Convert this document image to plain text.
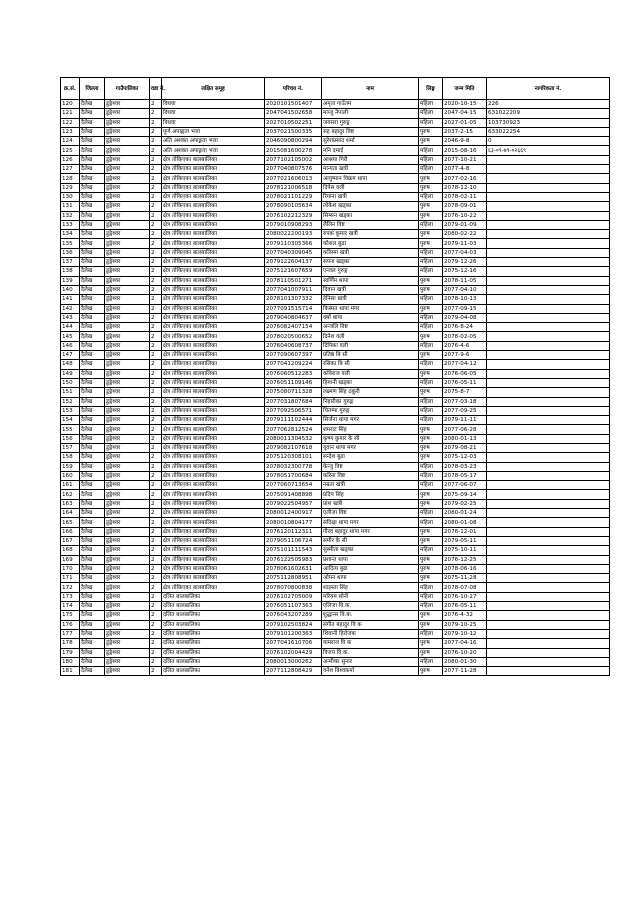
क्र.सं.	जिल्ला	गाउँपालिका	वडा नं.	लक्षित समूह	परिचय नं.	नाम	लिङ्ग	जन्म मिति	नागरिकता नं.
120	दैलेख	डुङ्गेश्वर	2	विधवा	2020101501407	अमृता गाउँतम	महिला	2020-10-15	226
121	दैलेख	डुङ्गेश्वर	2	विधवा	2047041502658	मञ्जु नेपाली	महिला	2047-04-15	631022209
122	दैलेख	डुङ्गेश्वर	2	विधवा	2027010502251	जयसरा गुरुङ्ग	महिला	2027-01-05	103730923
123	दैलेख	डुङ्गेश्वर	2	पूर्ण अपाङ्गता भत्ता	2037021500335	सह बहादुर विष्ट	पुरुष	2037-2-15	633022254
124	दैलेख	डुङ्गेश्वर	2	अति अशक्त अपाङ्गता भत्ता	2046090800294	सुरेशप्रसाद शर्मा	पुरुष	2046-9-8	0
125	दैलेख	डुङ्गेश्वर	2	अति अशक्त अपाङ्गता भत्ता	2015081600278	मनि दमाई	महिला	2015-08-16	६३-०९-७९-०२६६९
126	दैलेख	डुङ्गेश्वर	2	क्षेत्र तोकिएका बालबालिका	2077102105002	आश्रया गिरी	महिला	2077-10-21	
127	दैलेख	डुङ्गेश्वर	2	क्षेत्र तोकिएका बालबालिका	2077040807576	मान्यता खत्री	महिला	2077-4-8	
128	दैलेख	डुङ्गेश्वर	2	क्षेत्र तोकिएका बालबालिका	2077021606013	आयुष्मान विक्रम थापा	पुरुष	2077-02-16	
129	दैलेख	डुङ्गेश्वर	2	क्षेत्र तोकिएका बालबालिका	2078121006518	दिपेस वली	पुरुष	2078-12-10	
130	दैलेख	डुङ्गेश्वर	2	क्षेत्र तोकिएका बालबालिका	2078021101229	रियाना खत्री	महिला	2078-02-11	
131	दैलेख	डुङ्गेश्वर	2	क्षेत्र तोकिएका बालबालिका	2078090105634	लोकेश खड्का	पुरुष	2078-09-01	
132	दैलेख	डुङ्गेश्वर	2	क्षेत्र तोकिएका बालबालिका	2076102212329	सिम्सन खड्का	पुरुष	2076-10-22	
133	दैलेख	डुङ्गेश्वर	2	क्षेत्र तोकिएका बालबालिका	2079010908293	लैलिन विष्ट	महिला	2079-01-09	
134	दैलेख	डुङ्गेश्वर	2	क्षेत्र तोकिएका बालबालिका	2080022200193	रुपक कुमार खत्री	पुरुष	2080-02-22	
135	दैलेख	डुङ्गेश्वर	2	क्षेत्र तोकिएका बालबालिका	2079110305366	कौशल बुढा	पुरुष	2079-11-03	
136	दैलेख	डुङ्गेश्वर	2	क्षेत्र तोकिएका बालबालिका	2077040309045	करिस्मा खत्री	महिला	2077-04-03	
137	दैलेख	डुङ्गेश्वर	2	क्षेत्र तोकिएका बालबालिका	2079122604137	सपना खड्का	महिला	2079-12-26	
138	दैलेख	डुङ्गेश्वर	2	क्षेत्र तोकिएका बालबालिका	2075121607659	एन्जल गुरुङ्ग	महिला	2075-12-16	
139	दैलेख	डुङ्गेश्वर	2	क्षेत्र तोकिएका बालबालिका	2078110501271	स्वर्णिम थापा	पुरुष	2078-11-05	
140	दैलेख	डुङ्गेश्वर	2	क्षेत्र तोकिएका बालबालिका	2077041007911	दिवान खत्री	पुरुष	2077-04-10	
141	दैलेख	डुङ्गेश्वर	2	क्षेत्र तोकिएका बालबालिका	2078101307332	हेनिसा खत्री	महिला	2078-10-13	
142	दैलेख	डुङ्गेश्वर	2	क्षेत्र तोकिएका बालबालिका	2077091515714	किस्मत थापा मगर	पुरुष	2077-09-15	
143	दैलेख	डुङ्गेश्वर	2	क्षेत्र तोकिएका बालबालिका	2079040804637	वर्षा थापा	महिला	2079-04-08	
144	दैलेख	डुङ्गेश्वर	2	क्षेत्र तोकिएका बालबालिका	2076082407154	अन्जलि विष्ट	महिला	2076-8-24	
145	दैलेख	डुङ्गेश्वर	2	क्षेत्र तोकिएका बालबालिका	2078020500652	दिनेश वली	पुरुष	2078-02-05	
146	दैलेख	डुङ्गेश्वर	2	क्षेत्र तोकिएका बालबालिका	2076040608737	दिपिका वली	महिला	2076-4-6	
147	दैलेख	डुङ्गेश्वर	2	क्षेत्र तोकिएका बालबालिका	2077090607397	प्रतिष्ठ बि सी	पुरुष	2077-9-6	
148	दैलेख	डुङ्गेश्वर	2	क्षेत्र तोकिएका बालबालिका	2077041209224	रसिका बि सी	महिला	2077-04-12	
149	दैलेख	डुङ्गेश्वर	2	क्षेत्र तोकिएका बालबालिका	2076060512283	कविराज वली	पुरुष	2076-06-05	
150	दैलेख	डुङ्गेश्वर	2	क्षेत्र तोकिएका बालबालिका	2076051109146	हिमानी खड्का	महिला	2076-05-11	
151	दैलेख	डुङ्गेश्वर	2	क्षेत्र तोकिएका बालबालिका	2075080711328	लक्ष्मण सिंह ठकुरी	पुरुष	2075-8-7	
152	दैलेख	डुङ्गेश्वर	2	क्षेत्र तोकिएका बालबालिका	2077031807684	निहारीका गुरुङ्ग	महिला	2077-03-18	
153	दैलेख	डुङ्गेश्वर	2	क्षेत्र तोकिएका बालबालिका	2077092506571	चितम्पा गुरुङ्ग	महिला	2077-09-25	
154	दैलेख	डुङ्गेश्वर	2	क्षेत्र तोकिएका बालबालिका	2079111102444	सिर्जना थापा मगर	महिला	2079-11-11	
155	दैलेख	डुङ्गेश्वर	2	क्षेत्र तोकिएका बालबालिका	2077062812524	शमराट सिंह	पुरुष	2077-06-28	
156	दैलेख	डुङ्गेश्वर	2	क्षेत्र तोकिएका बालबालिका	2080011304532	कृष्ण कुमार के सी	पुरुष	2080-01-13	
157	दैलेख	डुङ्गेश्वर	2	क्षेत्र तोकिएका बालबालिका	2079082107618	युवान थापा मगर	पुरुष	2079-08-21	
158	दैलेख	डुङ्गेश्वर	2	क्षेत्र तोकिएका बालबालिका	2075120308101	सन्देश बुढा	पुरुष	2075-12-03	
159	दैलेख	डुङ्गेश्वर	2	क्षेत्र तोकिएका बालबालिका	2078032300778	केन्जु विष्ट	महिला	2078-03-23	
160	दैलेख	डुङ्गेश्वर	2	क्षेत्र तोकिएका बालबालिका	2078051700684	करिना विष्ट	महिला	2078-05-17	
161	दैलेख	डुङ्गेश्वर	2	क्षेत्र तोकिएका बालबालिका	2077060713654	नम्रता खत्री	महिला	2077-06-07	
162	दैलेख	डुङ्गेश्वर	2	क्षेत्र तोकिएका बालबालिका	2075091408898	प्रदिप सिंह	पुरुष	2075-09-14	
163	दैलेख	डुङ्गेश्वर	2	क्षेत्र तोकिएका बालबालिका	2079022504957	प्रांश खत्री	पुरुष	2079-02-25	
164	दैलेख	डुङ्गेश्वर	2	क्षेत्र तोकिएका बालबालिका	2080012400917	एलीजा विष्ट	महिला	2080-01-24	
165	दैलेख	डुङ्गेश्वर	2	क्षेत्र तोकिएका बालबालिका	2080010804177	सदिक्षा थापा मगर	महिला	2080-01-08	
166	दैलेख	डुङ्गेश्वर	2	क्षेत्र तोकिएका बालबालिका	2076120112311	गौरव बहादुर थापा मगर	पुरुष	2076-12-01	
167	दैलेख	डुङ्गेश्वर	2	क्षेत्र तोकिएका बालबालिका	2079051106724	समीर के सी	पुरुष	2079-05-11	
168	दैलेख	डुङ्गेश्वर	2	क्षेत्र तोकिएका बालबालिका	2075101111543	सुस्मीता खड्का	महिला	2075-10-11	
169	दैलेख	डुङ्गेश्वर	2	क्षेत्र तोकिएका बालबालिका	2076122505983	प्रशान्त थापा	पुरुष	2076-12-25	
170	दैलेख	डुङ्गेश्वर	2	क्षेत्र तोकिएका बालबालिका	2078061602631	आदित्य बुढा	पुरुष	2078-06-16	
171	दैलेख	डुङ्गेश्वर	2	क्षेत्र तोकिएका बालबालिका	2075112808951	ओमन थापा	पुरुष	2075-11-28	
172	दैलेख	डुङ्गेश्वर	2	क्षेत्र तोकिएका बालबालिका	2078070800838	शाइस्ता सिंह	महिला	2078-07-08	
173	दैलेख	डुङ्गेश्वर	2	दलित बालबालिका	2076102705009	मरियम सोनी	महिला	2076-10-27	
174	दैलेख	डुङ्गेश्वर	2	दलित बालबालिका	2076051107363	एलिजा वि.क.	महिला	2076-05-11	
175	दैलेख	डुङ्गेश्वर	2	दलित बालबालिका	2076043207289	शुद्धान्स वि.क.	पुरुष	2076-4-32	
176	दैलेख	डुङ्गेश्वर	2	दलित बालबालिका	2079102503824	संगीत बहादुर वि क	पुरुष	2079-10-25	
177	दैलेख	डुङ्गेश्वर	2	दलित बालबालिका	2079101200363	शिवानी हिरोजक	महिला	2079-10-12	
178	दैलेख	डुङ्गेश्वर	2	दलित बालबालिका	2077041610706	यामराज वि क	पुरुष	2077-04-16	
179	दैलेख	डुङ्गेश्वर	2	दलित बालबालिका	2076102004429	विजय वि.क.	पुरुष	2076-10-20	
180	दैलेख	डुङ्गेश्वर	2	दलित बालबालिका	2080013000262	अन्मीका सुनार	महिला	2080-01-30	
181	दैलेख	डुङ्गेश्वर	2	दलित बालबालिका	2077112808429	यनेश विश्वकर्मा	पुरुष	2077-11-28	
